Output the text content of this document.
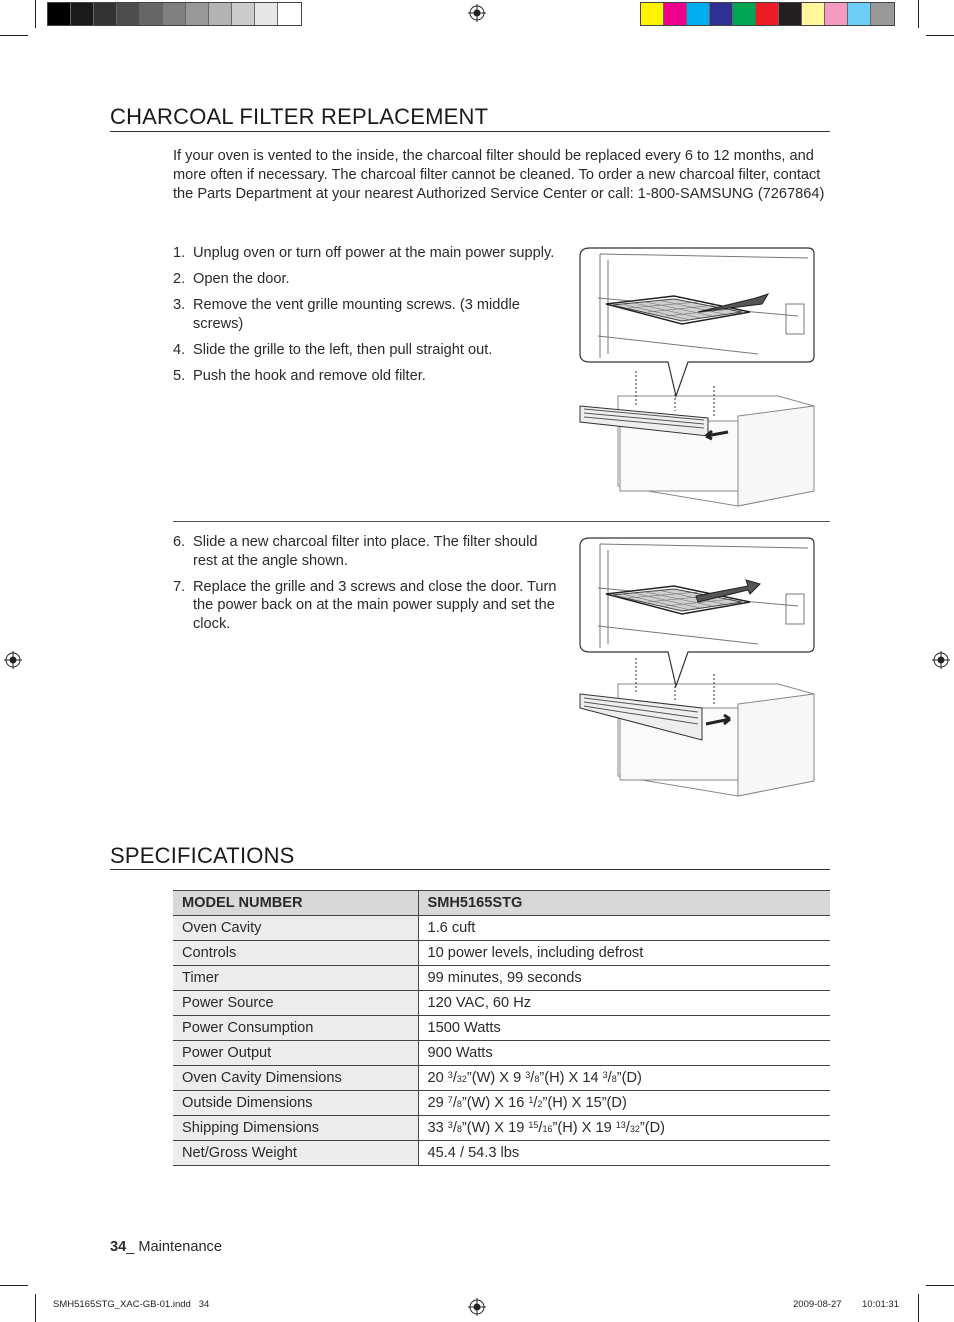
CHARCOAL FILTER REPLACEMENT

If your oven is vented to the inside, the charcoal filter should be replaced every 6 to 12 months, and more often if necessary. The charcoal filter cannot be cleaned. To order a new charcoal filter, contact the Parts Department at your nearest Authorized Service Center or call: 1-800-SAMSUNG (7267864)

1. Unplug oven or turn off power at the main power supply.
2. Open the door.
3. Remove the vent grille mounting screws. (3 middle screws)
4. Slide the grille to the left, then pull straight out.
5. Push the hook and remove old filter.
6. Slide a new charcoal filter into place. The filter should rest at the angle shown.
7. Replace the grille and 3 screws and close the door. Turn the power back on at the main power supply and set the clock.
SPECIFICATIONS
MODEL NUMBER	SMH5165STG
Oven Cavity	1.6 cuft
Controls	10 power levels, including defrost
Timer	99 minutes, 99 seconds
Power Source	120 VAC, 60 Hz
Power Consumption	1500 Watts
Power Output	900 Watts
Oven Cavity Dimensions	20 $^3$/32”(W) X 9 $^3$/8”(H) X 14 $^3$/8”(D)
Outside Dimensions	29 $^7$/8”(W) X 16 $^1$/2”(H) X 15”(D)
Shipping Dimensions	33 $^3$/8”(W) X 19 $^{15}$/16”(H) X 19 $^{13}$/32”(D)
Net/Gross Weight	45.4 / 54.3 lbs
34_ Maintenance
SMH5165STG_XAC-GB-01.indd   34	2009-08-27 10:01:31
